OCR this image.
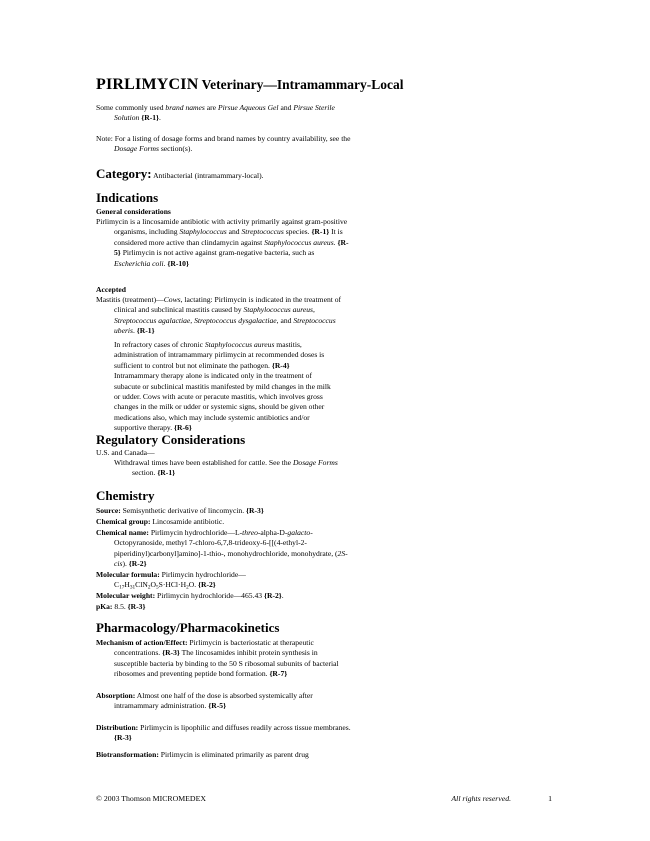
PIRLIMYCIN Veterinary—Intramammary-Local
Some commonly used brand names are Pirsue Aqueous Gel and Pirsue Sterile Solution {R-1}.
Note: For a listing of dosage forms and brand names by country availability, see the Dosage Forms section(s).
Category: Antibacterial (intramammary-local).
Indications
General considerations
Pirlimycin is a lincosamide antibiotic with activity primarily against gram-positive organisms, including Staphylococcus and Streptococcus species. {R-1} It is considered more active than clindamycin against Staphylococcus aureus. {R-5} Pirlimycin is not active against gram-negative bacteria, such as Escherichia coli. {R-10}
Accepted
Mastitis (treatment)—Cows, lactating: Pirlimycin is indicated in the treatment of clinical and subclinical mastitis caused by Staphylococcus aureus, Streptococcus agalactiae, Streptococcus dysgalactiae, and Streptococcus uberis. {R-1}
In refractory cases of chronic Staphylococcus aureus mastitis, administration of intramammary pirlimycin at recommended doses is sufficient to control but not eliminate the pathogen. {R-4} Intramammary therapy alone is indicated only in the treatment of subacute or subclinical mastitis manifested by mild changes in the milk or udder. Cows with acute or peracute mastitis, which involves gross changes in the milk or udder or systemic signs, should be given other medications also, which may include systemic antibiotics and/or supportive therapy. {R-6}
Regulatory Considerations
U.S. and Canada—
Withdrawal times have been established for cattle. See the Dosage Forms section. {R-1}
Chemistry
Source: Semisynthetic derivative of lincomycin. {R-3}
Chemical group: Lincosamide antibiotic.
Chemical name: Pirlimycin hydrochloride—L-threo-alpha-D-galacto-Octopyranoside, methyl 7-chloro-6,7,8-trideoxy-6-[[(4-ethyl-2-piperidinyl)carbonyl]amino]-1-thio-, monohydrochloride, monohydrate, (2S-cis). {R-2}
Molecular formula: Pirlimycin hydrochloride—
C17H31ClN2O5S·HCl·H2O. {R-2}
Molecular weight: Pirlimycin hydrochloride—465.43 {R-2}.
pKa: 8.5. {R-3}
Pharmacology/Pharmacokinetics
Mechanism of action/Effect: Pirlimycin is bacteriostatic at therapeutic concentrations. {R-3} The lincosamides inhibit protein synthesis in susceptible bacteria by binding to the 50 S ribosomal subunits of bacterial ribosomes and preventing peptide bond formation. {R-7}
Absorption: Almost one half of the dose is absorbed systemically after intramammary administration. {R-5}
Distribution: Pirlimycin is lipophilic and diffuses readily across tissue membranes. {R-3}
Biotransformation: Pirlimycin is eliminated primarily as parent drug
© 2003 Thomson MICROMEDEX	All rights reserved.	1
